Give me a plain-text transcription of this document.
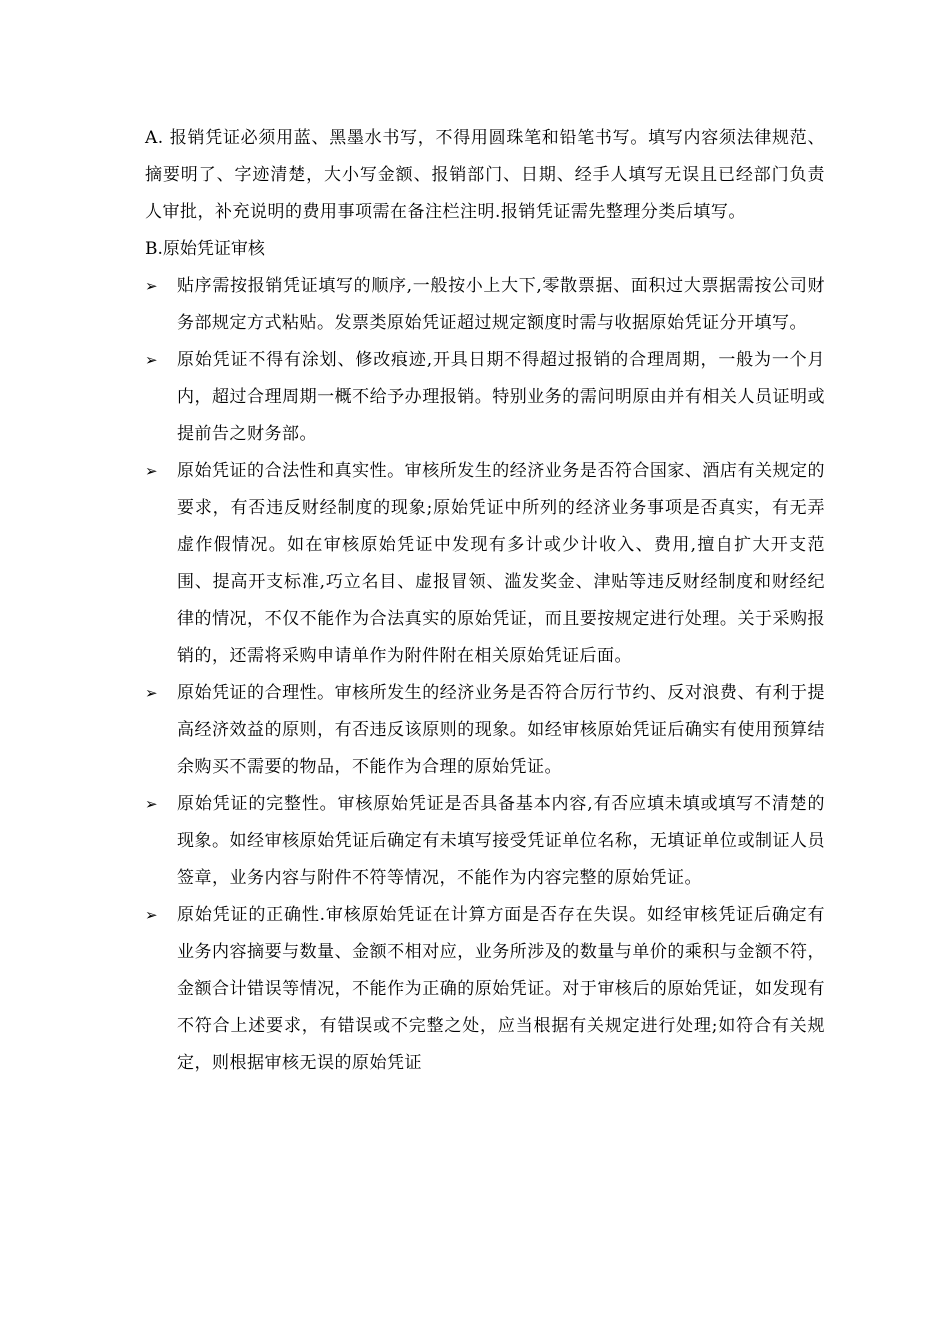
A. 报销凭证必须用蓝、黑墨水书写，不得用圆珠笔和铅笔书写。填写内容须法律规范、摘要明了、字迹清楚，大小写金额、报销部门、日期、经手人填写无误且已经部门负责人审批，补充说明的费用事项需在备注栏注明.报销凭证需先整理分类后填写。

B.原始凭证审核

➢	贴序需按报销凭证填写的顺序,一般按小上大下,零散票据、面积过大票据需按公司财务部规定方式粘贴。发票类原始凭证超过规定额度时需与收据原始凭证分开填写。
➢	原始凭证不得有涂划、修改痕迹,开具日期不得超过报销的合理周期，一般为一个月内，超过合理周期一概不给予办理报销。特别业务的需问明原由并有相关人员证明或提前告之财务部。
➢	原始凭证的合法性和真实性。审核所发生的经济业务是否符合国家、酒店有关规定的要求，有否违反财经制度的现象;原始凭证中所列的经济业务事项是否真实，有无弄虚作假情况。如在审核原始凭证中发现有多计或少计收入、费用,擅自扩大开支范围、提高开支标准,巧立名目、虚报冒领、滥发奖金、津贴等违反财经制度和财经纪律的情况，不仅不能作为合法真实的原始凭证，而且要按规定进行处理。关于采购报销的，还需将采购申请单作为附件附在相关原始凭证后面。
➢	原始凭证的合理性。审核所发生的经济业务是否符合厉行节约、反对浪费、有利于提高经济效益的原则，有否违反该原则的现象。如经审核原始凭证后确实有使用预算结余购买不需要的物品，不能作为合理的原始凭证。
➢	原始凭证的完整性。审核原始凭证是否具备基本内容,有否应填未填或填写不清楚的现象。如经审核原始凭证后确定有未填写接受凭证单位名称，无填证单位或制证人员签章，业务内容与附件不符等情况，不能作为内容完整的原始凭证。
➢	原始凭证的正确性.审核原始凭证在计算方面是否存在失误。如经审核凭证后确定有业务内容摘要与数量、金额不相对应，业务所涉及的数量与单价的乘积与金额不符，金额合计错误等情况，不能作为正确的原始凭证。对于审核后的原始凭证，如发现有不符合上述要求，有错误或不完整之处，应当根据有关规定进行处理;如符合有关规定，则根据审核无误的原始凭证
